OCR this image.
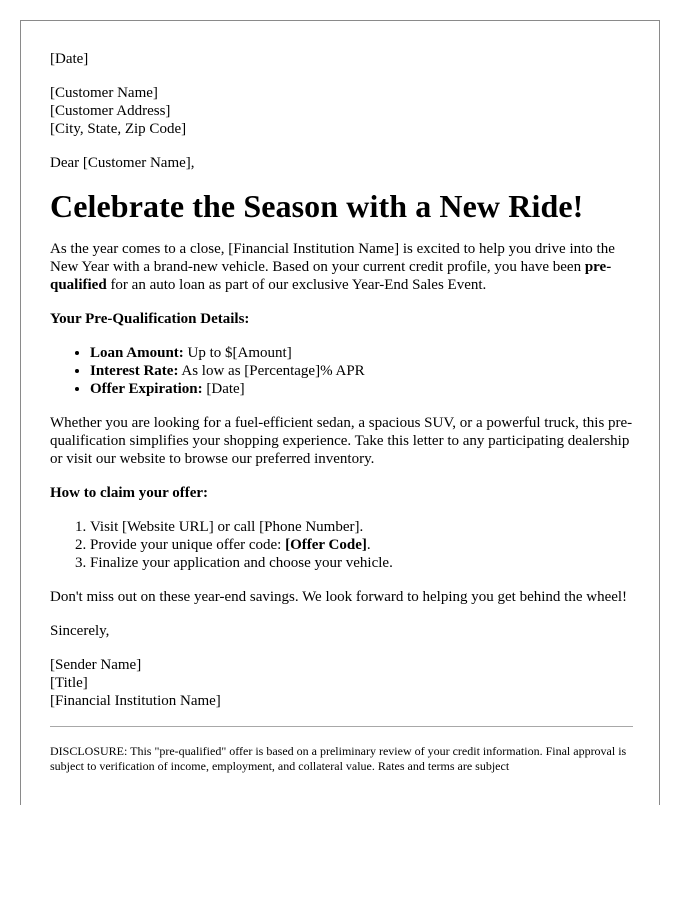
[Date]

[Customer Name]
[Customer Address]
[City, State, Zip Code]

Dear [Customer Name],

Celebrate the Season with a New Ride!

As the year comes to a close, [Financial Institution Name] is excited to help you drive into the New Year with a brand-new vehicle. Based on your current credit profile, you have been pre-qualified for an auto loan as part of our exclusive Year-End Sales Event.

Your Pre-Qualification Details:

• Loan Amount: Up to $[Amount]
• Interest Rate: As low as [Percentage]% APR
• Offer Expiration: [Date]

Whether you are looking for a fuel-efficient sedan, a spacious SUV, or a powerful truck, this pre-qualification simplifies your shopping experience. Take this letter to any participating dealership or visit our website to browse our preferred inventory.

How to claim your offer:

1. Visit [Website URL] or call [Phone Number].
2. Provide your unique offer code: [Offer Code].
3. Finalize your application and choose your vehicle.

Don't miss out on these year-end savings. We look forward to helping you get behind the wheel!

Sincerely,

[Sender Name]
[Title]
[Financial Institution Name]

DISCLOSURE: This "pre-qualified" offer is based on a preliminary review of your credit information. Final approval is subject to verification of income, employment, and collateral value. Rates and terms are subject
